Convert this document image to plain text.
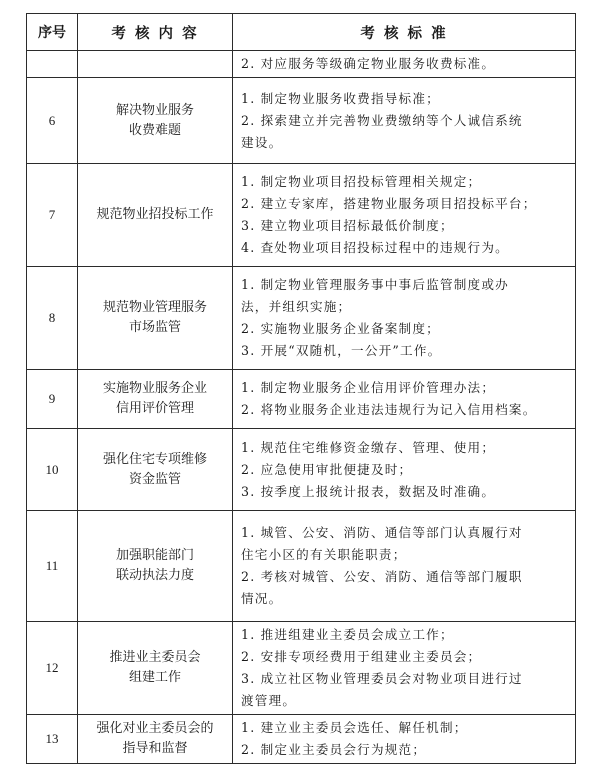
序号	考 核 内 容	考 核 标 准

		2. 对应服务等级确定物业服务收费标准。

6	解决物业服务
收费难题	1. 制定物业服务收费指导标准；
2. 探索建立并完善物业费缴纳等个人诚信系统
建设。

7	规范物业招投标工作	1. 制定物业项目招投标管理相关规定；
2. 建立专家库，搭建物业服务项目招投标平台；
3. 建立物业项目招标最低价制度；
4. 查处物业项目招投标过程中的违规行为。

8	规范物业管理服务
市场监管	1. 制定物业管理服务事中事后监管制度或办
法，并组织实施；
2. 实施物业服务企业备案制度；
3. 开展“双随机，一公开”工作。

9	实施物业服务企业
信用评价管理	1. 制定物业服务企业信用评价管理办法；
2. 将物业服务企业违法违规行为记入信用档案。

10	强化住宅专项维修
资金监管	1. 规范住宅维修资金缴存、管理、使用；
2. 应急使用审批便捷及时；
3. 按季度上报统计报表，数据及时准确。

11	加强职能部门
联动执法力度	1. 城管、公安、消防、通信等部门认真履行对
住宅小区的有关职能职责；
2. 考核对城管、公安、消防、通信等部门履职
情况。

12	推进业主委员会
组建工作	1. 推进组建业主委员会成立工作；
2. 安排专项经费用于组建业主委员会；
3. 成立社区物业管理委员会对物业项目进行过
渡管理。

13	强化对业主委员会的
指导和监督	1. 建立业主委员会选任、解任机制；
2. 制定业主委员会行为规范；
